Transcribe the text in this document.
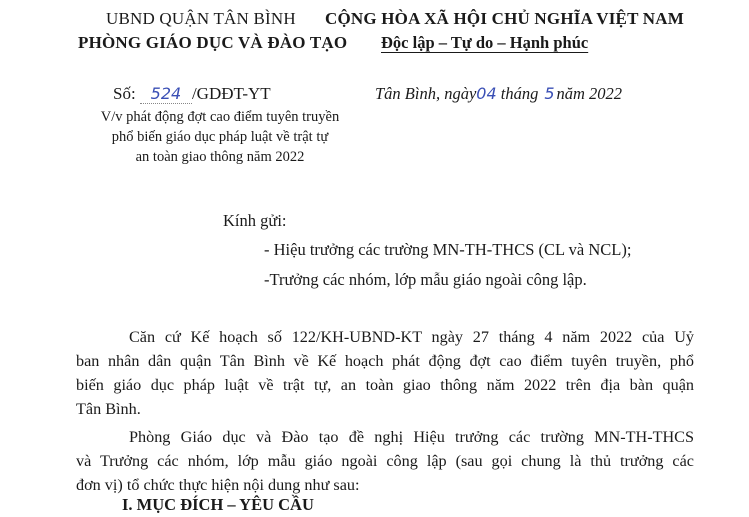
UBND QUẬN TÂN BÌNH
PHÒNG GIÁO DỤC VÀ ĐÀO TẠO
CỘNG HÒA XÃ HỘI CHỦ NGHĨA VIỆT NAM
Độc lập – Tự do – Hạnh phúc
Số: 524 /GDĐT-YT	Tân Bình, ngày04 tháng 5 năm 2022
V/v phát động đợt cao điểm tuyên truyền
phổ biến giáo dục pháp luật về trật tự
an toàn giao thông năm 2022
Kính gửi:
- Hiệu trưởng các trường MN-TH-THCS (CL và NCL);
-Trưởng các nhóm, lớp mẫu giáo ngoài công lập.
Căn cứ Kế hoạch số 122/KH-UBND-KT ngày 27 tháng 4 năm 2022 của Uỷ
ban nhân dân quận Tân Bình về Kế hoạch phát động đợt cao điểm tuyên truyền, phổ
biến giáo dục pháp luật về trật tự, an toàn giao thông năm 2022 trên địa bàn quận
Tân Bình.
Phòng Giáo dục và Đào tạo đề nghị Hiệu trưởng các trường MN-TH-THCS
và Trưởng các nhóm, lớp mẫu giáo ngoài công lập (sau gọi chung là thủ trưởng các
đơn vị) tổ chức thực hiện nội dung như sau:
I. MỤC ĐÍCH – YÊU CẦU
